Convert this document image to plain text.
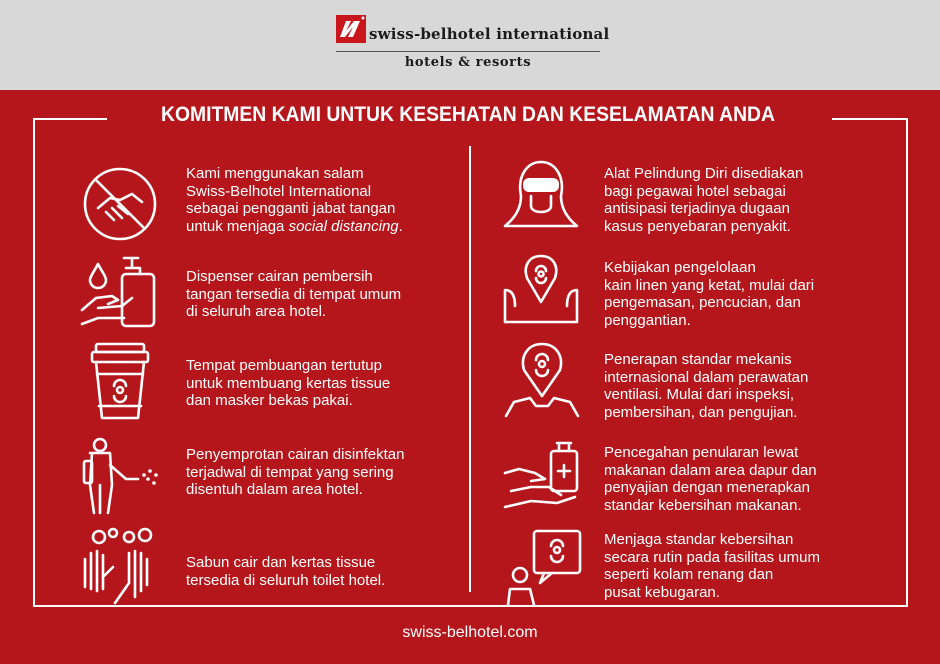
swiss-belhotel international
hotels & resorts
KOMITMEN KAMI UNTUK KESEHATAN DAN KESELAMATAN ANDA
Kami menggunakan salam
Swiss-Belhotel International
sebagai pengganti jabat tangan
untuk menjaga social distancing.
Dispenser cairan pembersih
tangan tersedia di tempat umum
di seluruh area hotel.
Tempat pembuangan tertutup
untuk membuang kertas tissue
dan masker bekas pakai.
Penyemprotan cairan disinfektan
terjadwal di tempat yang sering
disentuh dalam area hotel.
Sabun cair dan kertas tissue
tersedia di seluruh toilet hotel.
Alat Pelindung Diri disediakan
bagi pegawai hotel sebagai
antisipasi terjadinya dugaan
kasus penyebaran penyakit.
Kebijakan pengelolaan
kain linen yang ketat, mulai dari
pengemasan, pencucian, dan
penggantian.
Penerapan standar mekanis
internasional dalam perawatan
ventilasi. Mulai dari inspeksi,
pembersihan, dan pengujian.
Pencegahan penularan lewat
makanan dalam area dapur dan
penyajian dengan menerapkan
standar kebersihan makanan.
Menjaga standar kebersihan
secara rutin pada fasilitas umum
seperti kolam renang dan
pusat kebugaran.
swiss-belhotel.com
